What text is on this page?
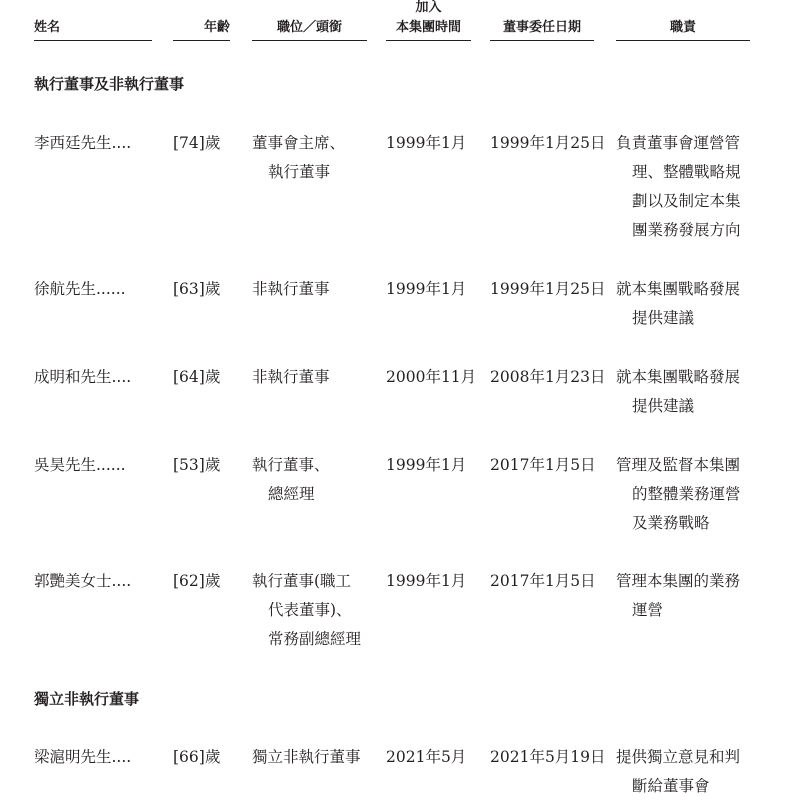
姓名	年齡	職位／頭銜
加入
本集團時間	董事委任日期	職責
執行董事及非執行董事
李西廷先生....	[74]歲 董事會主席、
執行董事
1999年1月 1999年1月25日 負責董事會運營管
理、整體戰略規
劃以及制定本集
團業務發展方向
徐航先生......	[63]歲 非執行董事	1999年1月 1999年1月25日 就本集團戰略發展
提供建議
成明和先生....	[64]歲 非執行董事	2000年11月 2008年1月23日 就本集團戰略發展
提供建議
吳昊先生......	[53]歲 執行董事、
總經理
1999年1月 2017年1月5日 管理及監督本集團
的整體業務運營
及業務戰略
郭艷美女士....	[62]歲 執行董事(職工
代表董事)、
常務副總經理
1999年1月 2017年1月5日 管理本集團的業務
運營
獨立非執行董事
梁滬明先生....	[66]歲 獨立非執行董事 2021年5月 2021年5月19日 提供獨立意見和判
斷給董事會
